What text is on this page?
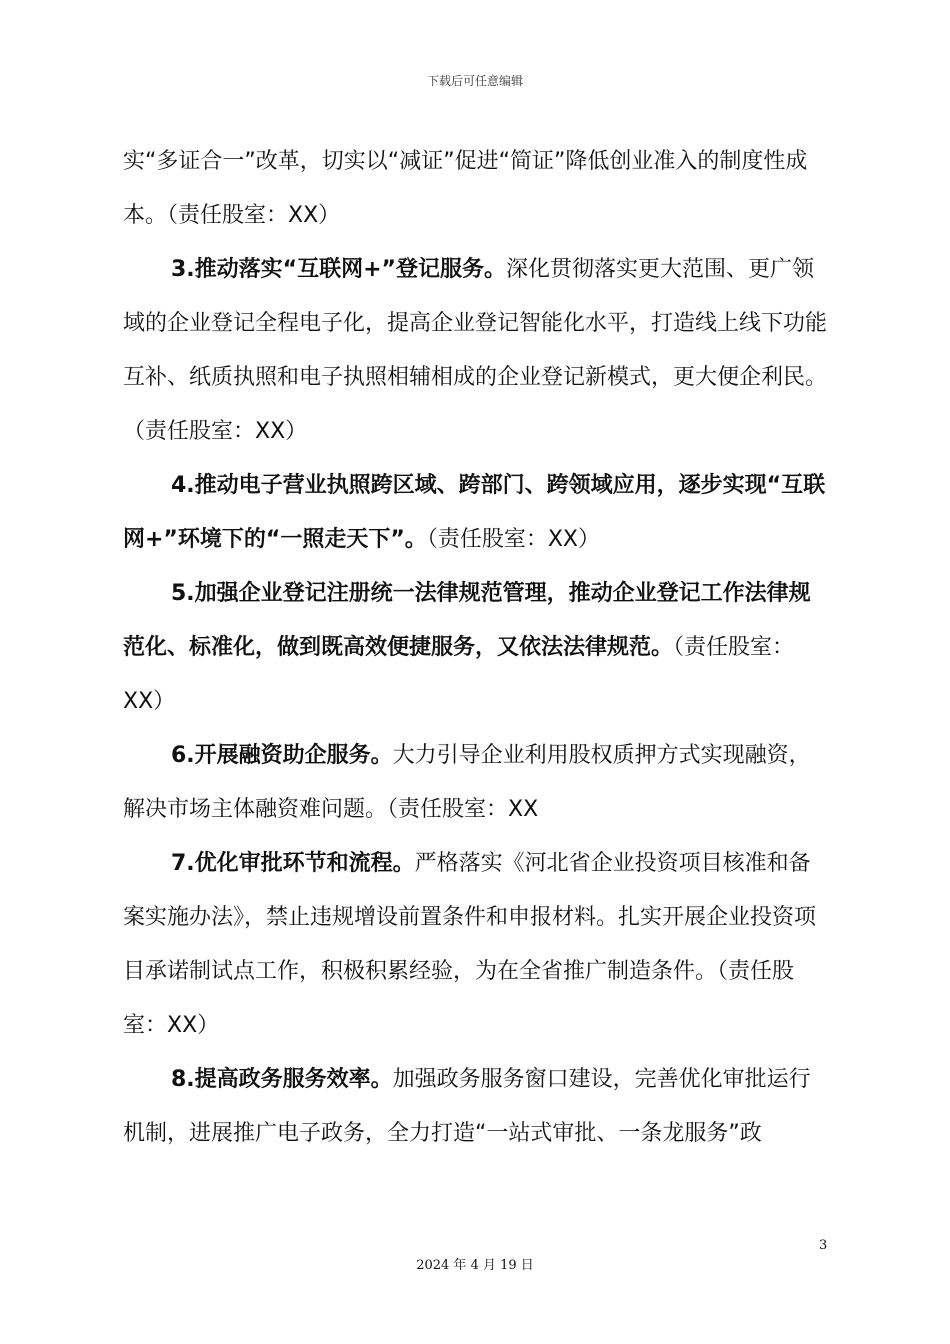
下载后可任意编辑

实“多证合一”改革，切实以“减证”促进“简证”降低创业准入的制度性成本。（责任股室：XX）

3.推动落实“互联网+”登记服务。深化贯彻落实更大范围、更广领域的企业登记全程电子化，提高企业登记智能化水平，打造线上线下功能互补、纸质执照和电子执照相辅相成的企业登记新模式，更大便企利民。（责任股室：XX）

4.推动电子营业执照跨区域、跨部门、跨领域应用，逐步实现“互联网+”环境下的“一照走天下”。（责任股室：XX）

5.加强企业登记注册统一法律规范管理，推动企业登记工作法律规范化、标准化，做到既高效便捷服务，又依法法律规范。（责任股室：XX）

6.开展融资助企服务。大力引导企业利用股权质押方式实现融资，解决市场主体融资难问题。（责任股室：XX

7.优化审批环节和流程。严格落实《河北省企业投资项目核准和备案实施办法》，禁止违规增设前置条件和申报材料。扎实开展企业投资项目承诺制试点工作，积极积累经验，为在全省推广制造条件。（责任股室：XX）

8.提高政务服务效率。加强政务服务窗口建设，完善优化审批运行机制，进展推广电子政务，全力打造“一站式审批、一条龙服务”政

3
2024 年 4 月 19 日
